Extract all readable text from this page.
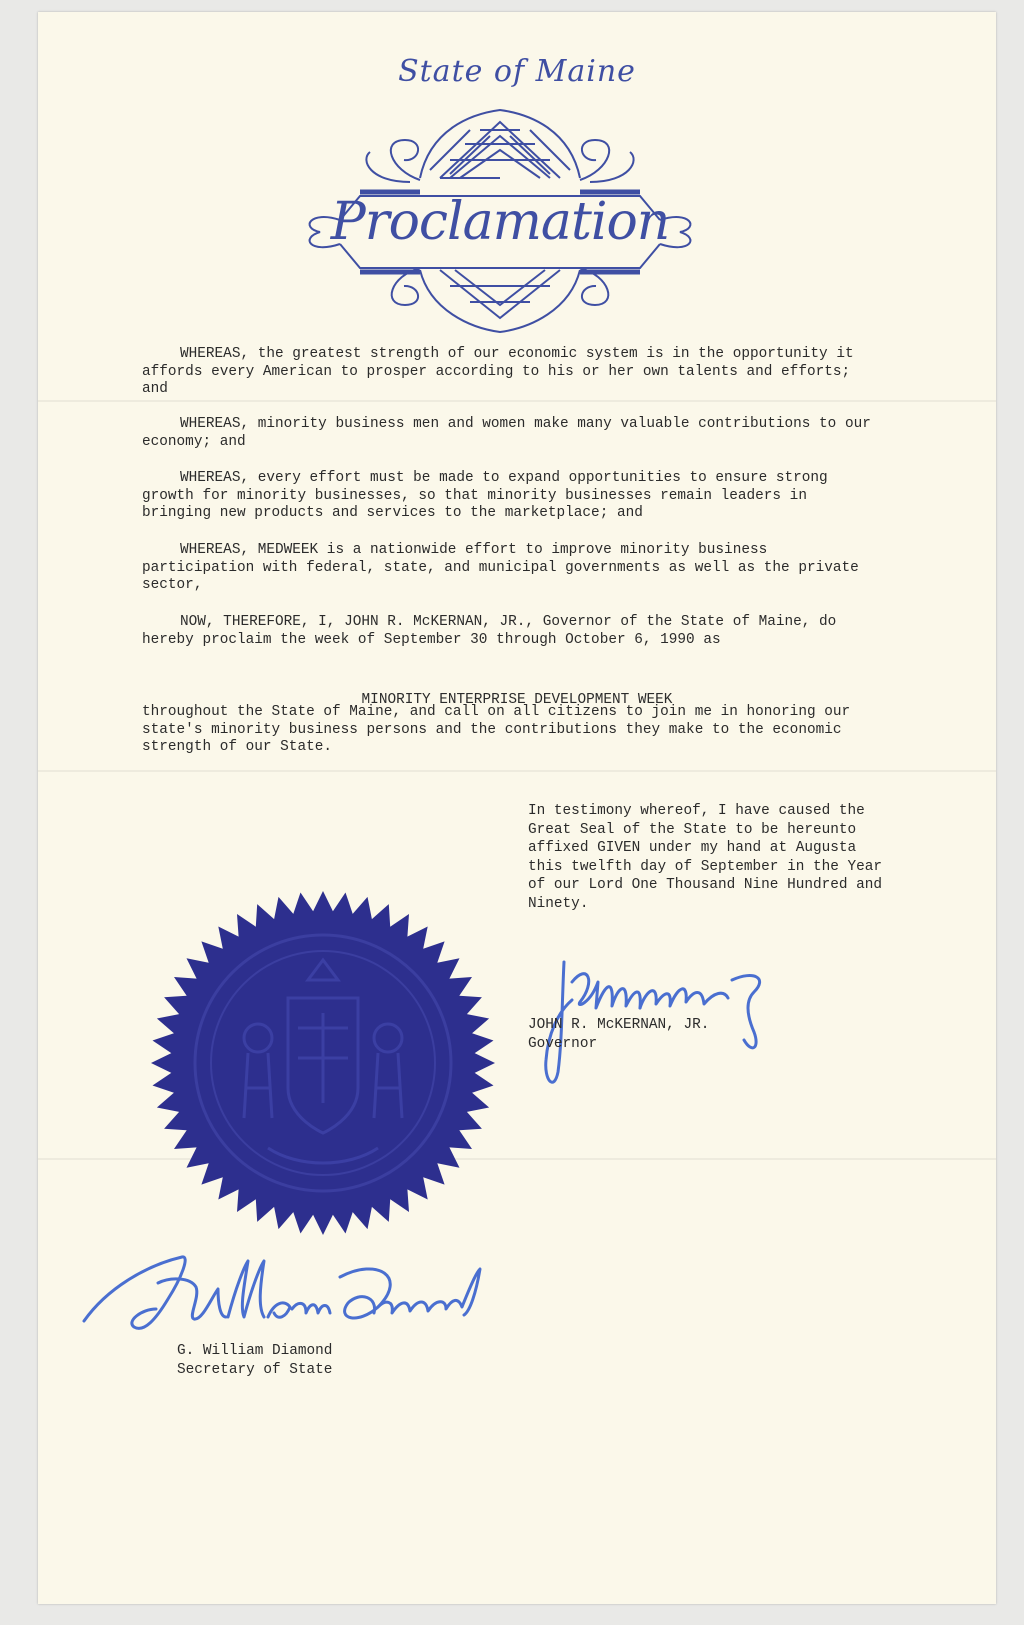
State of Maine
Proclamation

WHEREAS, the greatest strength of our economic system is in the opportunity it affords every American to prosper according to his or her own talents and efforts; and

WHEREAS, minority business men and women make many valuable contributions to our economy; and

WHEREAS, every effort must be made to expand opportunities to ensure strong growth for minority businesses, so that minority businesses remain leaders in bringing new products and services to the marketplace; and

WHEREAS, MEDWEEK is a nationwide effort to improve minority business participation with federal, state, and municipal governments as well as the private sector,

NOW, THEREFORE, I, JOHN R. McKERNAN, JR., Governor of the State of Maine, do hereby proclaim the week of September 30 through October 6, 1990 as

MINORITY ENTERPRISE DEVELOPMENT WEEK

throughout the State of Maine, and call on all citizens to join me in honoring our state's minority business persons and the contributions they make to the economic strength of our State.

In testimony whereof, I have caused the Great Seal of the State to be hereunto affixed GIVEN under my hand at Augusta this twelfth day of September in the Year of our Lord One Thousand Nine Hundred and Ninety.
JOHN R. McKERNAN, JR.
Governor
G. William Diamond
Secretary of State
